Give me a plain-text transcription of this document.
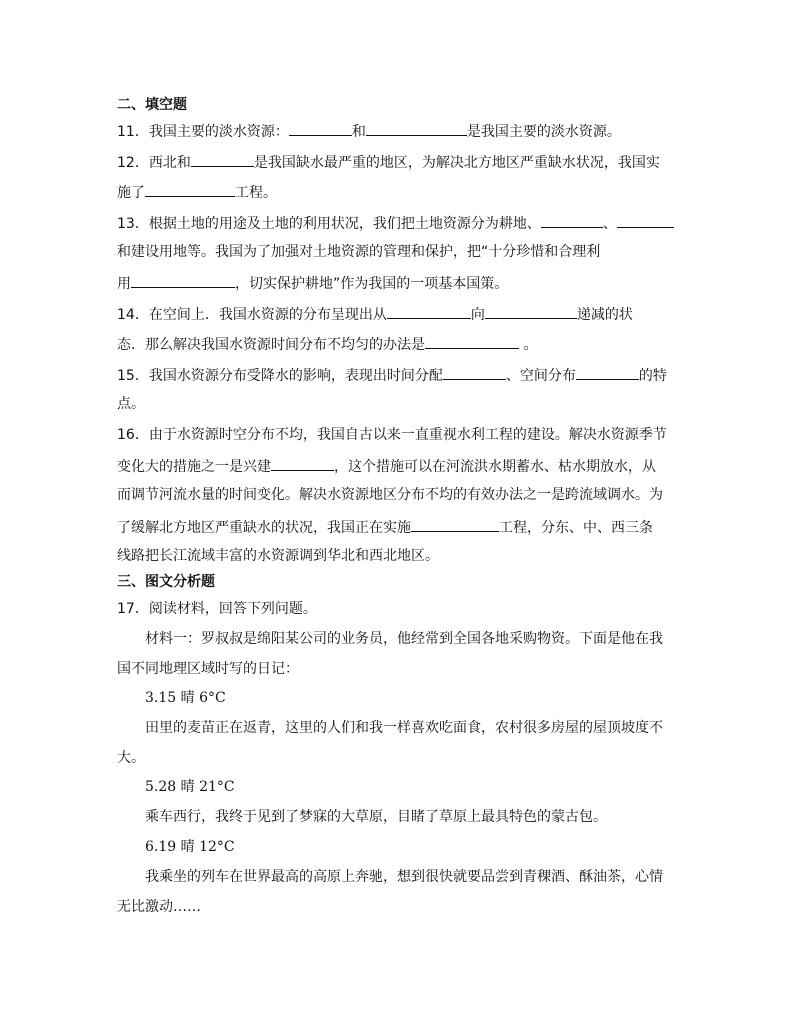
二、填空题
11．我国主要的淡水资源：	和	是我国主要的淡水资源。
12．西北和	是我国缺水最严重的地区，为解决北方地区严重缺水状况，我国实
施了	工程。
13．根据土地的用途及土地的利用状况，我们把土地资源分为耕地、	、
和建设用地等。我国为了加强对土地资源的管理和保护，把“十分珍惜和合理利
用	，切实保护耕地”作为我国的一项基本国策。
14．在空间上．我国水资源的分布呈现出从	向	递减的状
态．那么解决我国水资源时间分布不均匀的办法是	。
15．我国水资源分布受降水的影响，表现出时间分配	、空间分布	的特
点。
16．由于水资源时空分布不均，我国自古以来一直重视水利工程的建设。解决水资源季节
变化大的措施之一是兴建	，这个措施可以在河流洪水期蓄水、枯水期放水，从
而调节河流水量的时间变化。解决水资源地区分布不均的有效办法之一是跨流域调水。为
了缓解北方地区严重缺水的状况，我国正在实施	工程，分东、中、西三条
线路把长江流域丰富的水资源调到华北和西北地区。
三、图文分析题
17．阅读材料，回答下列问题。
材料一：罗叔叔是绵阳某公司的业务员，他经常到全国各地采购物资。下面是他在我
国不同地理区域时写的日记：
3.15 晴 6°C
田里的麦苗正在返青，这里的人们和我一样喜欢吃面食，农村很多房屋的屋顶坡度不
大。
5.28 晴 21°C
乘车西行，我终于见到了梦寐的大草原，目睹了草原上最具特色的蒙古包。
6.19 晴 12°C
我乘坐的列车在世界最高的高原上奔驰，想到很快就要品尝到青稞酒、酥油茶，心情
无比激动……
